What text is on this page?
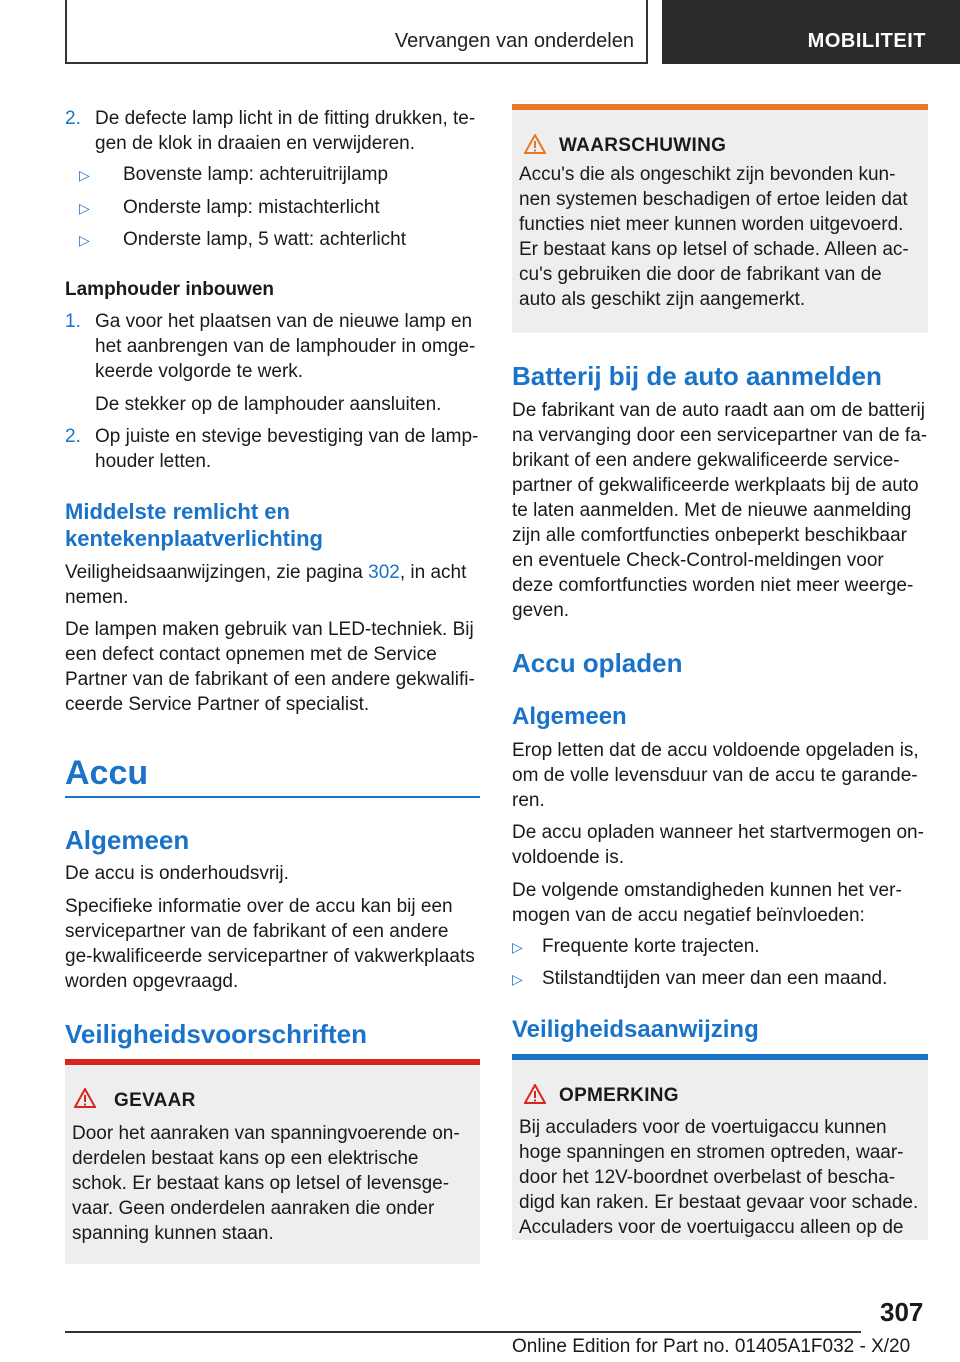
Vervangen van onderdelen	MOBILITEIT
2. De defecte lamp licht in de fitting drukken, te-
gen de klok in draaien en verwijderen.
▷ Bovenste lamp: achteruitrijlamp
▷ Onderste lamp: mistachterlicht
▷ Onderste lamp, 5 watt: achterlicht
Lamphouder inbouwen
1. Ga voor het plaatsen van de nieuwe lamp en het aanbrengen van de lamphouder in omge-keerde volgorde te werk.
De stekker op de lamphouder aansluiten.
2. Op juiste en stevige bevestiging van de lamp-houder letten.
Middelste remlicht en kentekenplaatverlichting
Veiligheidsaanwijzingen, zie pagina 302, in acht nemen.
De lampen maken gebruik van LED-techniek. Bij een defect contact opnemen met de Service Partner van de fabrikant of een andere gekwalifi-ceerde Service Partner of specialist.
Accu
Algemeen
De accu is onderhoudsvrij.
Specifieke informatie over de accu kan bij een servicepartner van de fabrikant of een andere ge-kwalificeerde servicepartner of vakwerkplaats worden opgevraagd.
Veiligheidsvoorschriften
GEVAAR
Door het aanraken van spanningvoerende on-derdelen bestaat kans op een elektrische schok. Er bestaat kans op letsel of levensge-vaar. Geen onderdelen aanraken die onder spanning kunnen staan.
WAARSCHUWING
Accu's die als ongeschikt zijn bevonden kun-nen systemen beschadigen of ertoe leiden dat functies niet meer kunnen worden uitgevoerd. Er bestaat kans op letsel of schade. Alleen ac-cu's gebruiken die door de fabrikant van de auto als geschikt zijn aangemerkt.
Batterij bij de auto aanmelden
De fabrikant van de auto raadt aan om de batterij na vervanging door een servicepartner van de fa-brikant of een andere gekwalificeerde service-partner of gekwalificeerde werkplaats bij de auto te laten aanmelden. Met de nieuwe aanmelding zijn alle comfortfuncties onbeperkt beschikbaar en eventuele Check-Control-meldingen voor deze comfortfuncties worden niet meer weerge-geven.
Accu opladen
Algemeen
Erop letten dat de accu voldoende opgeladen is, om de volle levensduur van de accu te garande-ren.
De accu opladen wanneer het startvermogen on-voldoende is.
De volgende omstandigheden kunnen het ver-mogen van de accu negatief beïnvloeden:
▷ Frequente korte trajecten.
▷ Stilstandtijden van meer dan een maand.
Veiligheidsaanwijzing
OPMERKING
Bij acculaders voor de voertuigaccu kunnen hoge spanningen en stromen optreden, waar-door het 12V-boordnet overbelast of bescha-digd kan raken. Er bestaat gevaar voor schade. Acculaders voor de voertuigaccu alleen op de
307
Online Edition for Part no. 01405A1F032 - X/20
